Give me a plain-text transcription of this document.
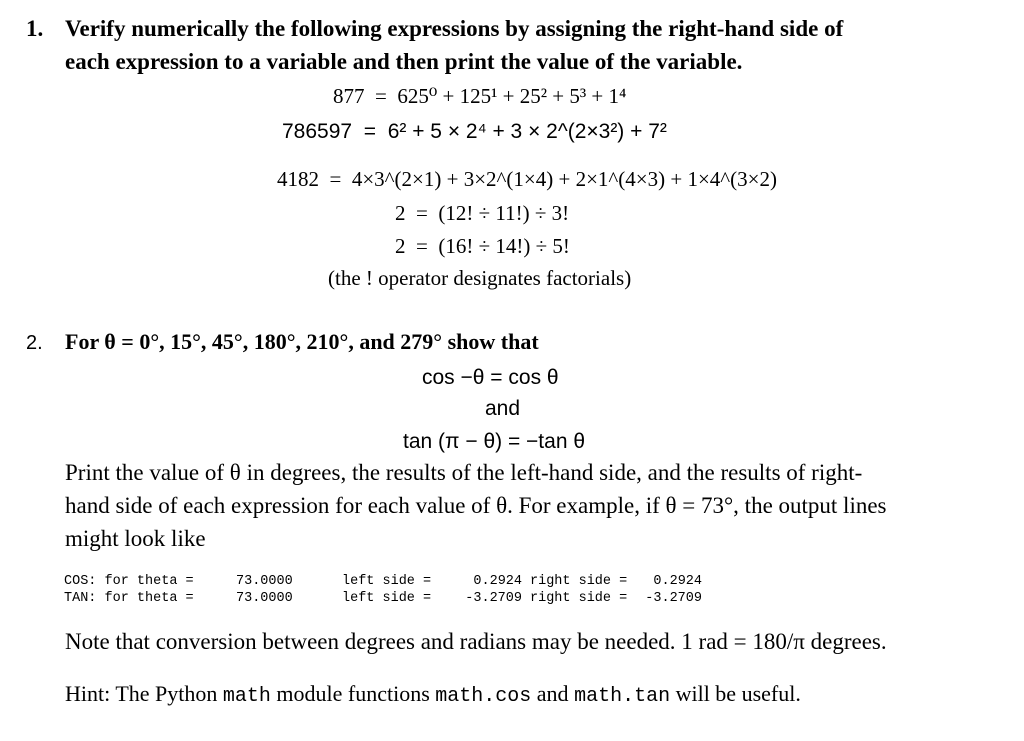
1. Verify numerically the following expressions by assigning the right-hand side of
each expression to a variable and then print the value of the variable.
877  =  625⁰ + 125¹ + 25² + 5³ + 1⁴
786597  =  6² + 5 × 2⁴ + 3 × 2^(2×3²) + 7²
4182  =  4×3^(2×1) + 3×2^(1×4) + 2×1^(4×3) + 1×4^(3×2)
2  =  (12! ÷ 11!) ÷ 3!
2  =  (16! ÷ 14!) ÷ 5!
(the ! operator designates factorials)
2. For θ = 0°, 15°, 45°, 180°, 210°, and 279° show that
cos −θ = cos θ
and
tan (π − θ) = −tan θ
Print the value of θ in degrees, the results of the left-hand side, and the results of right-
hand side of each expression for each value of θ. For example, if θ = 73°, the output lines
might look like
COS: for theta =	73.0000	left side =	0.2924	right side =	0.2924
TAN: for theta =	73.0000	left side =	-3.2709	right side =	-3.2709
Note that conversion between degrees and radians may be needed. 1 rad = 180/π degrees.
Hint: The Python math module functions math.cos and math.tan will be useful.
